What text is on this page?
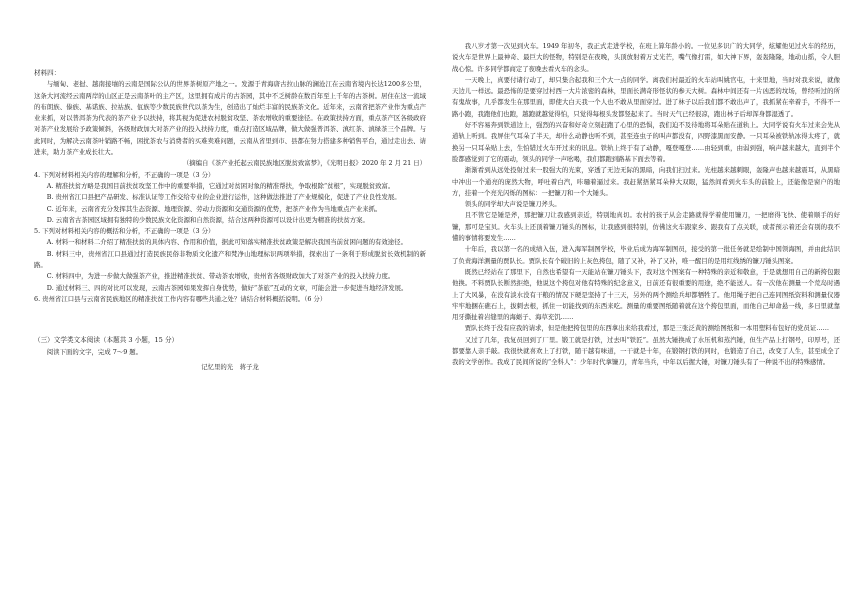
材料四：

与缅甸、老挝、越南接壤的云南是国际公认的世界茶树原产地之一。发源于青海唐古拉山脉的澜沧江在云南省境内长达1200多公里，这条大河流经云南两岸的山区正是云南茶叶的主产区，这里拥有成片的古茶园，其中不乏树龄在数百年至上千年的古茶树。居住在这一流域的布朗族、傣族、基诺族、拉祜族、佤族等少数民族世代以茶为生，创造出了灿烂丰富的民族茶文化。近年来，云南省把茶产业作为重点产业来抓，对以普洱茶为代表的茶产业予以扶持，将其视为促进农村脱贫攻坚、茶农增收的重要途径。在政策扶持方面，重点茶产区各级政府对茶产业发展给予政策倾斜，各级财政加大对茶产业的投入扶持力度，重点打造区域品牌，做大做强普洱茶、滇红茶、滇绿茶三个品牌。与此同时，为解决云南茶叶销路不畅，困扰茶农与消费者的买难卖难问题，云南从省里到市、县都在努力搭建多种销售平台，通过走出去、请进来，助力茶产业成长壮大。

（摘编自《茶产业托起云南民族地区脱贫致富梦》，《光明日报》2020 年 2 月 21 日）

4. 下列对材料相关内容的理解和分析，不正确的一项是（3 分）

A. 精准扶贫方略是我国目前扶贫攻坚工作中的重要举措，它通过对贫困对象的精准帮扶，争取根除“贫根”，实现脱贫致富。

B. 贵州省江口县把产品研发、标准认证等工作交给专业的企业进行运作，这种做法推进了产业规模化，促进了产业良性发展。

C. 近年来，云南省充分发挥其生态资源、地理资源、劳动力资源和交通资源的优势，把茶产业作为当地重点产业来抓。

D. 云南省古茶园区域拥有独特的少数民族文化资源和自然资源，结合这两种资源可以设计出更为精准的扶贫方案。

5. 下列对材料相关内容的概括和分析，不正确的一项是（3 分）

A. 材料一和材料二介绍了精准扶贫的具体内容、作用和价值，据此可知落实精准扶贫政策是解决我国当前贫困问题的有效途径。

B. 材料三中，贵州省江口县通过打造民族民俗非物质文化遗产和梵净山地理标识两项举措，探索出了一条利于形成脱贫长效机制的新路。

C. 材料四中，为进一步做大做强茶产业，推进精准扶贫、带动茶农增收，贵州省各级财政加大了对茶产业的投入扶持力度。

D. 通过材料三、四的对比可以发现，云南古茶园如果发挥自身优势，做好“茶旅”互动的文章，可能会进一步促进当地经济发展。

6. 贵州省江口县与云南省民族地区的精准扶贫工作内容有哪些共通之处？请结合材料概括说明。（6 分）

（三）文学类文本阅读（本题共 3 小题，15 分）

阅读下面的文字，完成 7～9 题。

记忆里的光　蒋子龙

我八岁才第一次见到火车。1949 年初冬，我正式走进学校，在班上算年龄小的。一位见多识广的大同学，炫耀他见过火车的经历，说火车是世界上最神奇、最巨大的怪物，特别是在夜晚，头顶放射着万丈光芒，嘴气像打雷，如大神下界，轰轰隆隆，地动山摇，令人胆战心惊。许多同学都商定了夜晚去看火车的念头。

一天晚上，真要付诸行动了，却只集合起我和三个大一点的同学。离我们村最近的火车站叫姚官屯，十来里地，当时对我来说，就像天边儿一样远。最恐怖的是要穿过村西一大片浓密的森林，里面长满奇形怪状的参天大树。森林中间还有一片凶恶的坟场，曾经听过的所有鬼故事，几乎都发生在那里面，即使大白天我一个人也不敢从里面穿过。进了林子以后我们都不敢出声了，我抓紧在牵着手，不得不一路小跑，我跑他们也跑，越跑就越觉得怕，只觉得每根头发都竖起来了。当时天气已经很凉，跑出林子后却浑身都湿透了。

好不容易奔到铁道边上，强烈的兴奋和好奇立刻赶跑了心里的恐惧，我们迫不及待地将耳朵贴在道轨上。大同学说有火车过来会先从道轨上听到。我屏住气耳朵了半天，却什么动静也听不到，甚至连虫子的叫声都没有，四野漆黑而安静。一只耳朵被铁轨冰得太疼了，就换另一只耳朵贴上去，生怕错过火车开过来的讯息。铁轨上终于有了动静，嘎登嘎登……由轻到重，由弱到强，响声越来越大，直到半个脸都感觉到了它的震动，领头的同学一声吆喝，我们都跑到路基下面去等着。

渐渐看到从远处投射过来一股强大的光束，穿透了无边无际的黑暗，向我们扫过来。光柱越来越刺眼，轰隆声也越来越震耳，从黑暗中冲出一个通亮的庞然大物，呼吐着白汽，咔嗵着逼过来。我赶紧捂紧耳朵伸大双眼，猛然间看到火车头的前脸上，还能像是窗户的地方，挂着一个亮光闪烁的图标：一把镰刀和一个大锤头。

领头的同学却大声说是镰刀斧头。

且不管它是锤是斧，那把镰刀让我感到亲近，特别地真切。农村的孩子从会走路就得学着使用镰刀，一把磨得飞快、使着顺手的好镰，那可是宝贝。火车头上还顶着镰刀锤头的图标，让我感到很特别，仿佛这火车跟家乡、跟我有了点关联，或者预示着还会有别的我不懂的事情将要发生……

十年后，我以第一名的成绩入伍，进入海军制图学校，毕业后成为海军制图员，接受的第一批任务就是绘制中国领海图，并由此结识了负责海洋测量的贾队长。贾队长有个破旧的上灰色挎包，随了又补，补了又补，唯一醒目的是用红线绣的镰刀锤头图案。

既然已经站在了那里下，自然也希望有一天能站在镰刀锤头下，我对这个图案有一种特殊的亲近和敬意，于是就想用自己的新挎包跟他换。不料贾队长断然拒绝，他说这个挎包对他有特殊的纪念意义，日前还有很重要的用途，绝不能送人。有一次他在测量一个荒岛时遇上了大风暴，在没有淡水没有干粮的情况下硬是坚持了十三天，另外的两个测绘兵却都牺牲了。他用绳子把自己连同图纸资料和测量仪器牢牢地捆在礁石上，拔刺去根，抓住一切能找到的东西来吃。测量的重要图纸随着就在这个挎包里面，而他自己却命悬一线，多日里就靠用牙撕扯着岩缝里的海蛎子、海草充饥……

贾队长终于没有应我的请求，但是他把挎包里的东西拿出来给我看过，那是三张泛黄的测绘图纸和一本用塑料布包好的党员证……

又过了几年，我复员回到了厂里。锻工就是打铁，过去叫“铁匠”。虽然大锤换成了水压机和蒸汽锤，但生产品上打钢号，印厚号，还都要靠人亲手敲。我很快就喜欢上了打铁，随干越有味道，一干就是十年，在锻钢打铁的同时，也锻造了自己，改变了人生，甚至成全了我的文学创作。我成了民间所说的“全科人”：少年时代拿镰刀，青年当兵，中年以后握大锤，对镰刀锤头有了一种说不出的特殊感情。
